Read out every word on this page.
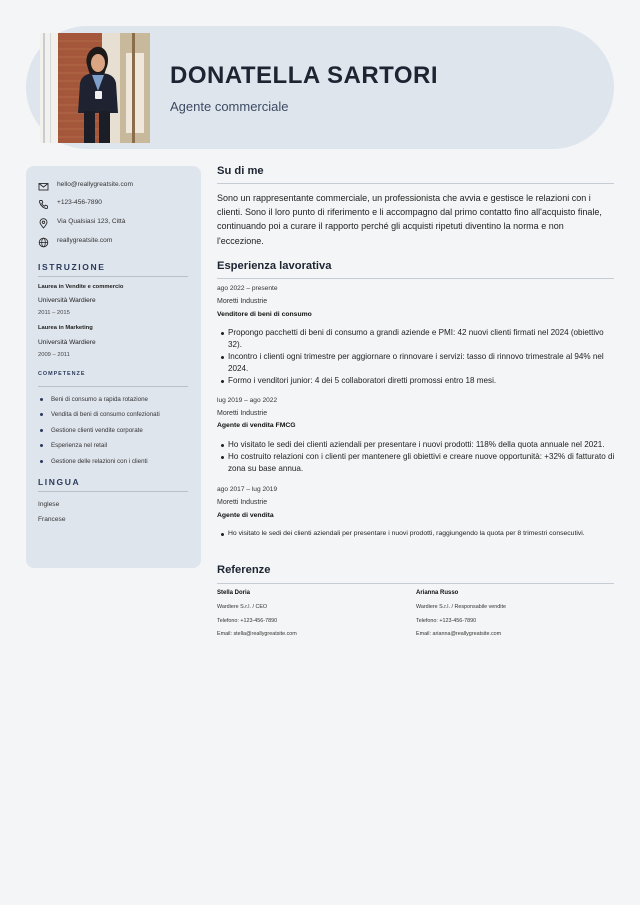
DONATELLA SARTORI
Agente commerciale
hello@reallygreatsite.com
+123-456-7890
Via Qualsiasi 123, Città
reallygreatsite.com
ISTRUZIONE
Laurea in Vendite e commercio
Università Wardiere
2011 – 2015
Laurea in Marketing
Università Wardiere
2009 – 2011
COMPETENZE
Beni di consumo a rapida rotazione
Vendita di beni di consumo confezionati
Gestione clienti vendite corporate
Esperienza nel retail
Gestione delle relazioni con i clienti
LINGUA
Inglese
Francese
Su di me
Sono un rappresentante commerciale, un professionista che avvia e gestisce le relazioni con i clienti. Sono il loro punto di riferimento e li accompagno dal primo contatto fino all'acquisto finale, continuando poi a curare il rapporto perché gli acquisti ripetuti diventino la norma e non l'eccezione.
Esperienza lavorativa
ago 2022 – presente
Moretti Industrie
Venditore di beni di consumo
Propongo pacchetti di beni di consumo a grandi aziende e PMI: 42 nuovi clienti firmati nel 2024 (obiettivo 32).
Incontro i clienti ogni trimestre per aggiornare o rinnovare i servizi: tasso di rinnovo trimestrale al 94% nel 2024.
Formo i venditori junior: 4 dei 5 collaboratori diretti promossi entro 18 mesi.
lug 2019 – ago 2022
Moretti Industrie
Agente di vendita FMCG
Ho visitato le sedi dei clienti aziendali per presentare i nuovi prodotti: 118% della quota annuale nel 2021.
Ho costruito relazioni con i clienti per mantenere gli obiettivi e creare nuove opportunità: +32% di fatturato di zona su base annua.
ago 2017 – lug 2019
Moretti Industrie
Agente di vendita
Ho visitato le sedi dei clienti aziendali per presentare i nuovi prodotti, raggiungendo la quota per 8 trimestri consecutivi.
Referenze
Stella Doria
Wardiere S.r.l. / CEO
Telefono: +123-456-7890
Email: stella@reallygreatsite.com
Arianna Russo
Wardiere S.r.l. / Responsabile vendite
Telefono: +123-456-7890
Email: arianna@reallygreatsite.com
